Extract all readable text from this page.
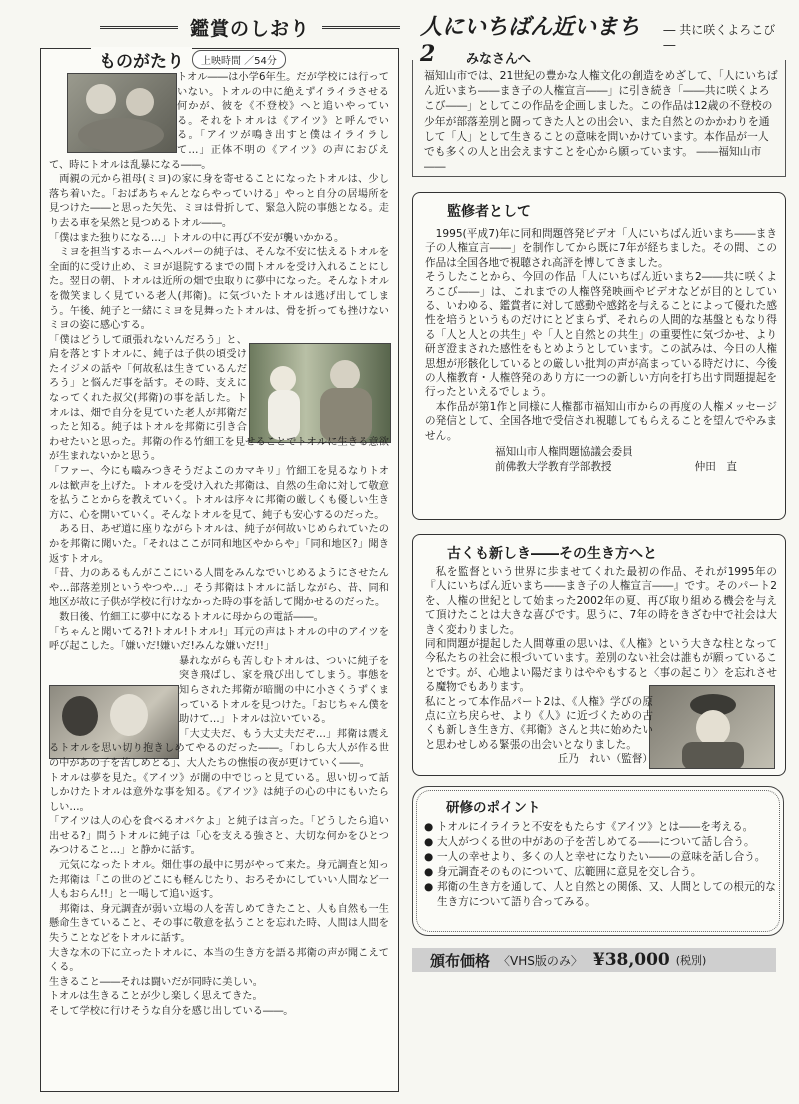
鑑賞のしおり	人にいちばん近いまち2
― 共に咲くよろこび ―
ものがたり	上映時間 ／54分

トオル――は小学6年生。だが学校には行っていない。トオルの中に絶えずイライラさせる何かが、彼を《不登校》へと追いやっている。それをトオルは《アイツ》と呼んでいる。「アイツが鳴き出すと僕はイライラして…」正体不明の《アイツ》の声におびえて、時にトオルは乱暴になる――。

両親の元から祖母(ミヨ)の家に身を寄せることになったトオルは、少し落ち着いた。「おばあちゃんとならやっていける」やっと自分の居場所を見つけた――と思った矢先、ミヨは骨折して、緊急入院の事態となる。走り去る車を呆然と見つめるトオル――。

「僕はまた独りになる…」トオルの中に再び不安が襲いかかる。

ミヨを担当するホームヘルパーの純子は、そんな不安に怯えるトオルを全面的に受け止め、ミヨが退院するまでの間トオルを受け入れることにした。翌日の朝、トオルは近所の畑で虫取りに夢中になった。そんなトオルを微笑ましく見ている老人(邦衛)。に気づいたトオルは逃げ出してしまう。午後、純子と一緒にミヨを見舞ったトオルは、骨を折っても挫けないミヨの姿に感心する。

「僕はどうして頑張れないんだろう」と、肩を落とすトオルに、純子は子供の頃受けたイジメの話や「何故私は生きているんだろう」と悩んだ事を話す。その時、支えになってくれた叔父(邦衛)の事を話した。トオルは、畑で自分を見ていた老人が邦衛だったと知る。純子はトオルを邦衛に引き合わせたいと思った。邦衛の作る竹細工を見せることでトオルに生きる意欲が生まれないかと思う。

「ファー、今にも嚙みつきそうだよこのカマキリ」竹細工を見るなりトオルは歓声を上げた。トオルを受け入れた邦衛は、自然の生命に対して敬意を払うことからを教えていく。トオルは序々に邦衛の厳しくも優しい生き方に、心を開いていく。そんなトオルを見て、純子も安心するのだった。

ある日、あぜ道に座りながらトオルは、純子が何故いじめられていたのかを邦衛に聞いた。「それはここが同和地区やからや」「同和地区?」聞き返すトオル。

「昔、力のあるもんがここにいる人間をみんなでいじめるようにさせたんや…部落差別というやつや…」そう邦衛はトオルに話しながら、昔、同和地区が故に子供が学校に行けなかった時の事を話して聞かせるのだった。

数日後、竹細工に夢中になるトオルに母からの電話――。

「ちゃんと聞いてる?!トオル!トオル!」耳元の声はトオルの中のアイツを呼び起こした。「嫌いだ!嫌いだ!みんな嫌いだ!!」

暴れながらも苦しむトオルは、ついに純子を突き飛ばし、家を飛び出してしまう。事態を知らされた邦衛が暗闇の中に小さくうずくまっているトオルを見つけた。「おじちゃん僕を助けて…」トオルは泣いている。

「大丈夫だ、もう大丈夫だぞ…」邦衛は震えるトオルを思い切り抱きしめてやるのだった――。「わしら大人が作る世の中があの子を苦しめとる」、大人たちの憔悵の夜が更けていく――。

トオルは夢を見た。《アイツ》が闇の中でじっと見ている。思い切って話しかけたトオルは意外な事を知る。《アイツ》は純子の心の中にもいたらしい…。

「アイツは人の心を食べるオバケよ」と純子は言った。「どうしたら追い出せる?」問うトオルに純子は「心を支える強さと、大切な何かをひとつみつけること…」と静かに話す。

元気になったトオル。畑仕事の最中に男がやって来た。身元調査と知った邦衛は「この世のどこにも軽んじたり、おろそかにしていい人間など一人もおらん!!」と一喝して追い返す。

邦衛は、身元調査が弱い立場の人を苦しめてきたこと、人も自然も一生懸命生きていること、その事に敬意を払うことを忘れた時、人間は人間を失うことなどをトオルに話す。

大きな木の下に立ったトオルに、本当の生き方を語る邦衛の声が聞こえてくる。

生きること――それは闘いだが同時に美しい。

トオルは生きることが少し楽しく思えてきた。

そして学校に行けそうな自分を感じ出している――。

みなさんへ
福知山市では、21世紀の豊かな人権文化の創造をめざして、「人にいちばん近いまち――まき子の人権宣言――」に引き続き「――共に咲くよろこび――」としてこの作品を企画しました。この作品は12歳の不登校の少年が部落差別と闘ってきた人との出会い、また自然とのかかわりを通して「人」として生きることの意味を問いかけています。本作品が一人でも多くの人と出会えますことを心から願っています。 ――福知山市――
監修者として
1995(平成7)年に同和問題啓発ビデオ「人にいちばん近いまち――まき子の人権宣言――」を制作してから既に7年が経ちました。その間、この作品は全国各地で視聴され高評を博してきました。
そうしたことから、今回の作品「人にいちばん近いまち2――共に咲くよろこび――」は、これまでの人権啓発映画やビデオなどが目的としている、いわゆる、鑑賞者に対して感動や感銘を与えることによって優れた感性を培うというものだけにとどまらず、それらの人間的な基盤ともなり得る「人と人との共生」や「人と自然との共生」の重要性に気づかせ、より研ぎ澄まされた感性をもとめようとしています。この試みは、今日の人権思想が形骸化しているとの厳しい批判の声が高まっている時だけに、今後の人権教育・人権啓発のあり方に一つの新しい方向を打ち出す問題提起を行ったといえるでしょう。
本作品が第1作と同様に人権都市福知山市からの再度の人権メッセージの発信として、全国各地で受信され視聴してもらえることを望んでやみません。
福知山市人権問題協議会委員
前佛教大学教育学部教授	仲田　直
古くも新しき――その生き方へと
私を監督という世界に歩ませてくれた最初の作品、それが1995年の『人にいちばん近いまち――まき子の人権宣言――』です。そのパート2を、人権の世紀として始まった2002年の夏、再び取り組める機会を与えて頂けたことは大きな喜びです。思うに、7年の時をきざむ中で社会は大きく変わりました。
同和問題が提起した人間尊重の思いは、《人権》という大きな柱となって今私たちの社会に根づいています。差別のない社会は誰もが願っていることです。が、心地よい陽だまりはややもすると〈事の起こり〉を忘れさせる魔物でもあります。
私にとって本作品パート2は、《人権》学びの原点に立ち戻らせ、より《人》に近づくための古くも新しき生き方、《邦衛》さんと共に始めたいと思わせしめる緊張の出会いとなりました。
丘乃　れい（監督）
研修のポイント
● トオルにイライラと不安をもたらす《アイツ》とは――を考える。
● 大人がつくる世の中があの子を苦しめてる――について話し合う。
● 一人の幸せより、多くの人と幸せになりたい――の意味を話し合う。
● 身元調査そのものについて、広範囲に意見を交し合う。
● 邦衛の生き方を通して、人と自然との関係、又、人間としての根元的な生き方について語り合ってみる。
頒布価格 〈VHS版のみ〉 ¥38,000 (税別)
